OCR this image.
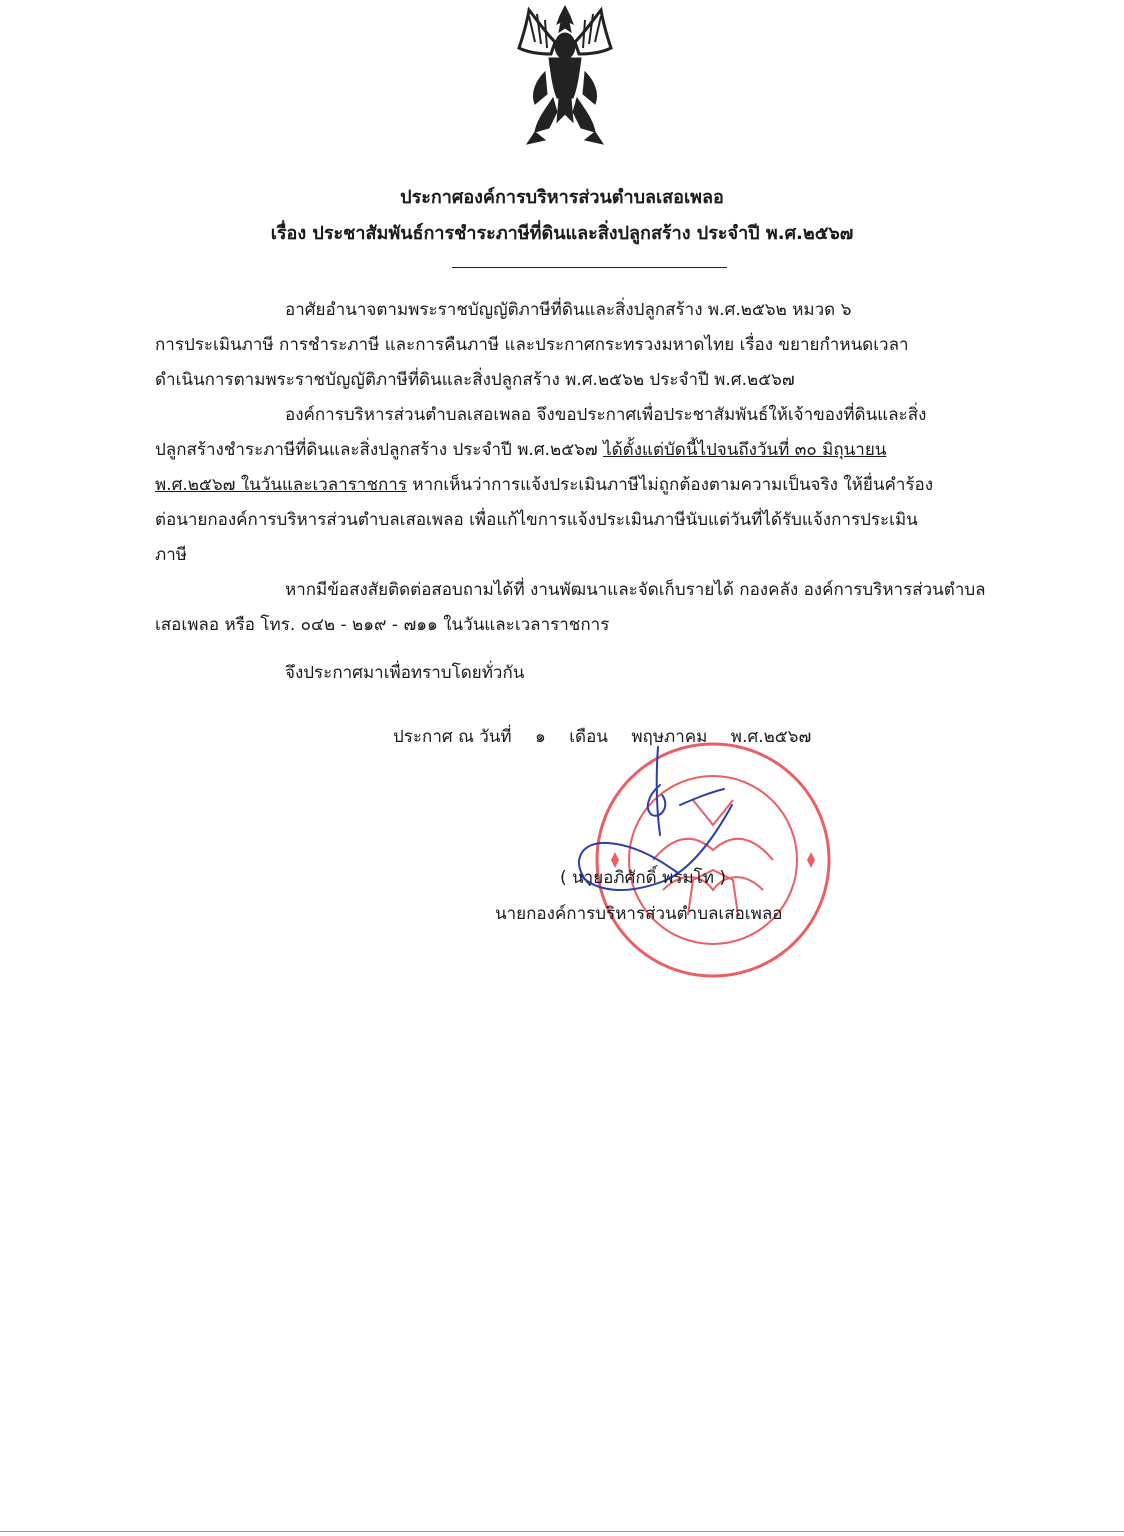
ประกาศองค์การบริหารส่วนตำบลเสอเพลอ
เรื่อง ประชาสัมพันธ์การชำระภาษีที่ดินและสิ่งปลูกสร้าง ประจำปี พ.ศ.๒๕๖๗
อาศัยอำนาจตามพระราชบัญญัติภาษีที่ดินและสิ่งปลูกสร้าง พ.ศ.๒๕๖๒ หมวด ๖
การประเมินภาษี การชำระภาษี และการคืนภาษี และประกาศกระทรวงมหาดไทย เรื่อง ขยายกำหนดเวลา
ดำเนินการตามพระราชบัญญัติภาษีที่ดินและสิ่งปลูกสร้าง พ.ศ.๒๕๖๒ ประจำปี พ.ศ.๒๕๖๗
องค์การบริหารส่วนตำบลเสอเพลอ จึงขอประกาศเพื่อประชาสัมพันธ์ให้เจ้าของที่ดินและสิ่ง
ปลูกสร้างชำระภาษีที่ดินและสิ่งปลูกสร้าง ประจำปี พ.ศ.๒๕๖๗ ได้ตั้งแต่บัดนี้ไปจนถึงวันที่ ๓๐ มิถุนายน
พ.ศ.๒๕๖๗ ในวันและเวลาราชการ หากเห็นว่าการแจ้งประเมินภาษีไม่ถูกต้องตามความเป็นจริง ให้ยื่นคำร้อง
ต่อนายกองค์การบริหารส่วนตำบลเสอเพลอ เพื่อแก้ไขการแจ้งประเมินภาษีนับแต่วันที่ได้รับแจ้งการประเมิน
ภาษี
หากมีข้อสงสัยติดต่อสอบถามได้ที่ งานพัฒนาและจัดเก็บรายได้ กองคลัง องค์การบริหารส่วนตำบล
เสอเพลอ หรือ โทร. ๐๔๒ - ๒๑๙ - ๗๑๑ ในวันและเวลาราชการ
จึงประกาศมาเพื่อทราบโดยทั่วกัน
ประกาศ ณ วันที่ ๑ เดือน พฤษภาคม พ.ศ.๒๕๖๗
( นายอภิศักดิ์ พรมโท )
นายกองค์การบริหารส่วนตำบลเสอเพลอ
